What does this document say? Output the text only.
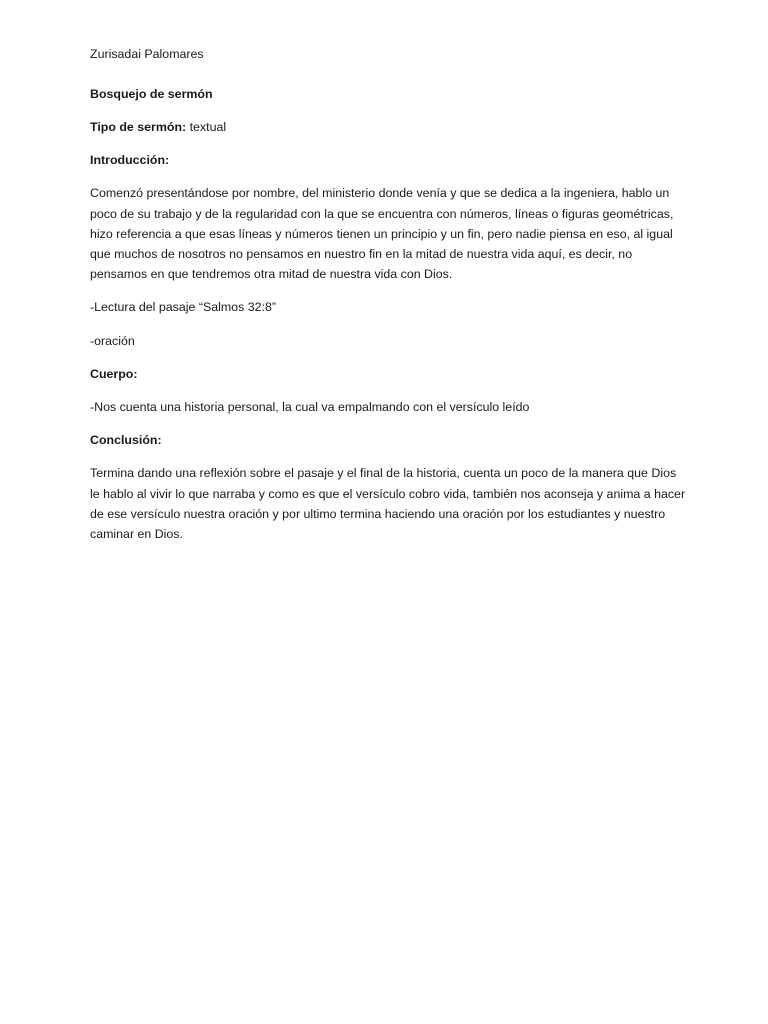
Zurisadai Palomares

Bosquejo de sermón

Tipo de sermón: textual

Introducción:

Comenzó presentándose por nombre, del ministerio donde venía y que se dedica a la ingeniera, hablo un poco de su trabajo y de la regularidad con la que se encuentra con números, líneas o figuras geométricas, hizo referencia a que esas líneas y números tienen un principio y un fin, pero nadie piensa en eso, al igual que muchos de nosotros no pensamos en nuestro fin en la mitad de nuestra vida aquí, es decir, no pensamos en que tendremos otra mitad de nuestra vida con Dios.

-Lectura del pasaje “Salmos 32:8”

-oración

Cuerpo:

-Nos cuenta una historia personal, la cual va empalmando con el versículo leído

Conclusión:

Termina dando una reflexión sobre el pasaje y el final de la historia, cuenta un poco de la manera que Dios le hablo al vivir lo que narraba y como es que el versículo cobro vida, también nos aconseja y anima a hacer de ese versículo nuestra oración y por ultimo termina haciendo una oración por los estudiantes y nuestro caminar en Dios.
